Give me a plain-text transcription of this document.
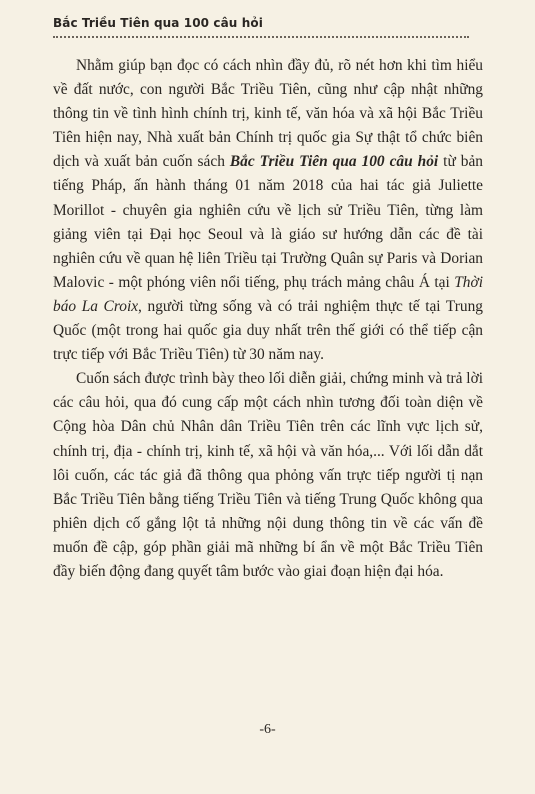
Bắc Triều Tiên qua 100 câu hỏi

Nhằm giúp bạn đọc có cách nhìn đầy đủ, rõ nét hơn khi tìm hiểu về đất nước, con người Bắc Triều Tiên, cũng như cập nhật những thông tin về tình hình chính trị, kinh tế, văn hóa và xã hội Bắc Triều Tiên hiện nay, Nhà xuất bản Chính trị quốc gia Sự thật tổ chức biên dịch và xuất bản cuốn sách Bắc Triều Tiên qua 100 câu hỏi từ bản tiếng Pháp, ấn hành tháng 01 năm 2018 của hai tác giả Juliette Morillot - chuyên gia nghiên cứu về lịch sử Triều Tiên, từng làm giảng viên tại Đại học Seoul và là giáo sư hướng dẫn các đề tài nghiên cứu về quan hệ liên Triều tại Trường Quân sự Paris và Dorian Malovic - một phóng viên nổi tiếng, phụ trách mảng châu Á tại Thời báo La Croix, người từng sống và có trải nghiệm thực tế tại Trung Quốc (một trong hai quốc gia duy nhất trên thế giới có thể tiếp cận trực tiếp với Bắc Triều Tiên) từ 30 năm nay.

Cuốn sách được trình bày theo lối diễn giải, chứng minh và trả lời các câu hỏi, qua đó cung cấp một cách nhìn tương đối toàn diện về Cộng hòa Dân chủ Nhân dân Triều Tiên trên các lĩnh vực lịch sử, chính trị, địa - chính trị, kinh tế, xã hội và văn hóa,... Với lối dẫn dắt lôi cuốn, các tác giả đã thông qua phỏng vấn trực tiếp người tị nạn Bắc Triều Tiên bằng tiếng Triều Tiên và tiếng Trung Quốc không qua phiên dịch cố gắng lột tả những nội dung thông tin về các vấn đề muốn đề cập, góp phần giải mã những bí ẩn về một Bắc Triều Tiên đầy biến động đang quyết tâm bước vào giai đoạn hiện đại hóa.

-6-
